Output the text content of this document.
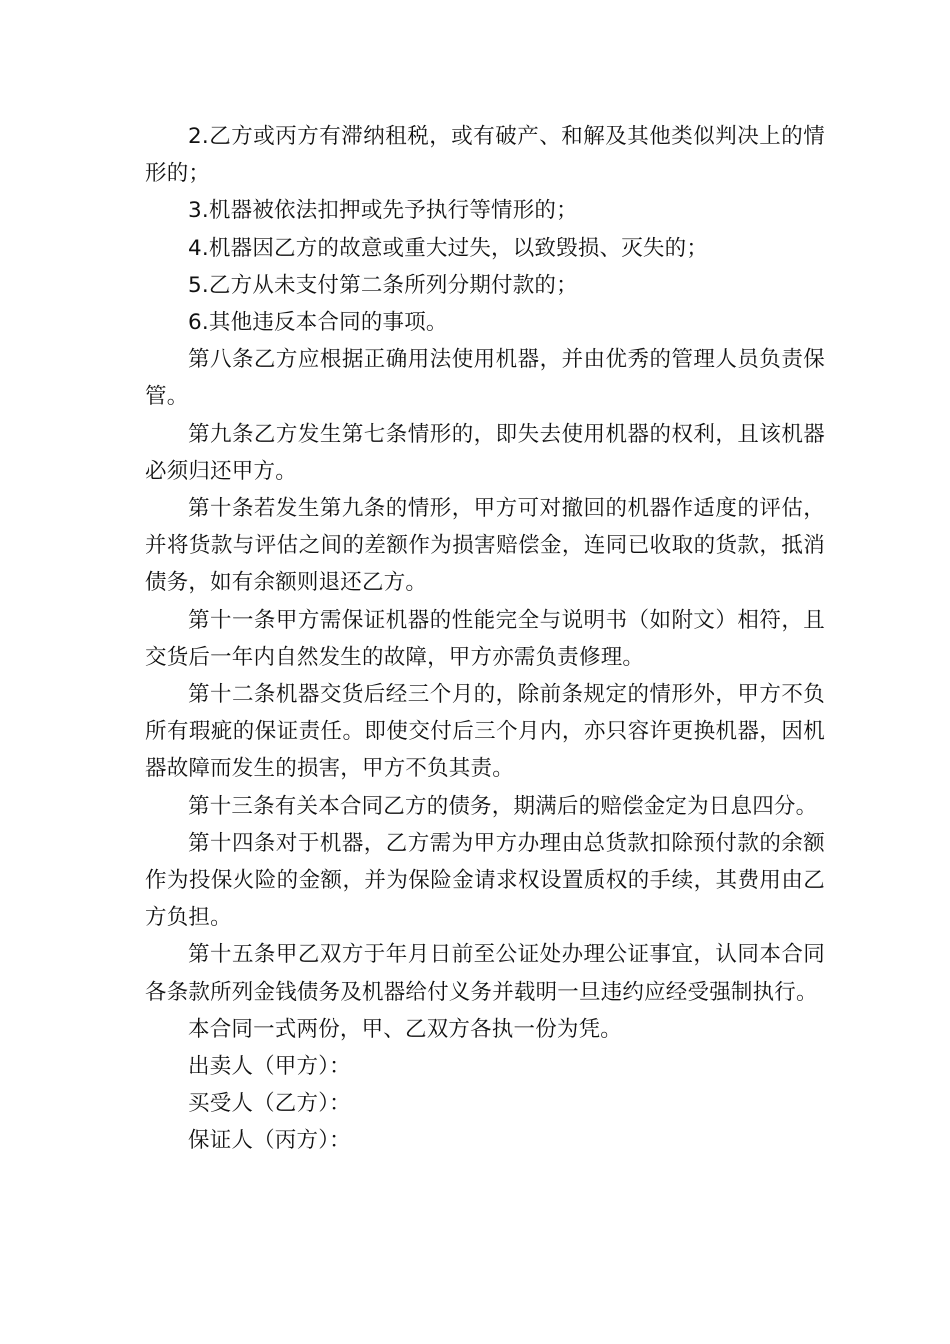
2.乙方或丙方有滞纳租税，或有破产、和解及其他类似判决上的情形的；

3.机器被依法扣押或先予执行等情形的；

4.机器因乙方的故意或重大过失，以致毁损、灭失的；

5.乙方从未支付第二条所列分期付款的；

6.其他违反本合同的事项。

第八条乙方应根据正确用法使用机器，并由优秀的管理人员负责保管。

第九条乙方发生第七条情形的，即失去使用机器的权利，且该机器必须归还甲方。

第十条若发生第九条的情形，甲方可对撤回的机器作适度的评估，并将货款与评估之间的差额作为损害赔偿金，连同已收取的货款，抵消债务，如有余额则退还乙方。

第十一条甲方需保证机器的性能完全与说明书（如附文）相符，且交货后一年内自然发生的故障，甲方亦需负责修理。

第十二条机器交货后经三个月的，除前条规定的情形外，甲方不负所有瑕疵的保证责任。即使交付后三个月内，亦只容许更换机器，因机器故障而发生的损害，甲方不负其责。

第十三条有关本合同乙方的债务，期满后的赔偿金定为日息四分。

第十四条对于机器，乙方需为甲方办理由总货款扣除预付款的余额作为投保火险的金额，并为保险金请求权设置质权的手续，其费用由乙方负担。

第十五条甲乙双方于年月日前至公证处办理公证事宜，认同本合同各条款所列金钱债务及机器给付义务并载明一旦违约应经受强制执行。

本合同一式两份，甲、乙双方各执一份为凭。

出卖人（甲方）：

买受人（乙方）：

保证人（丙方）：
